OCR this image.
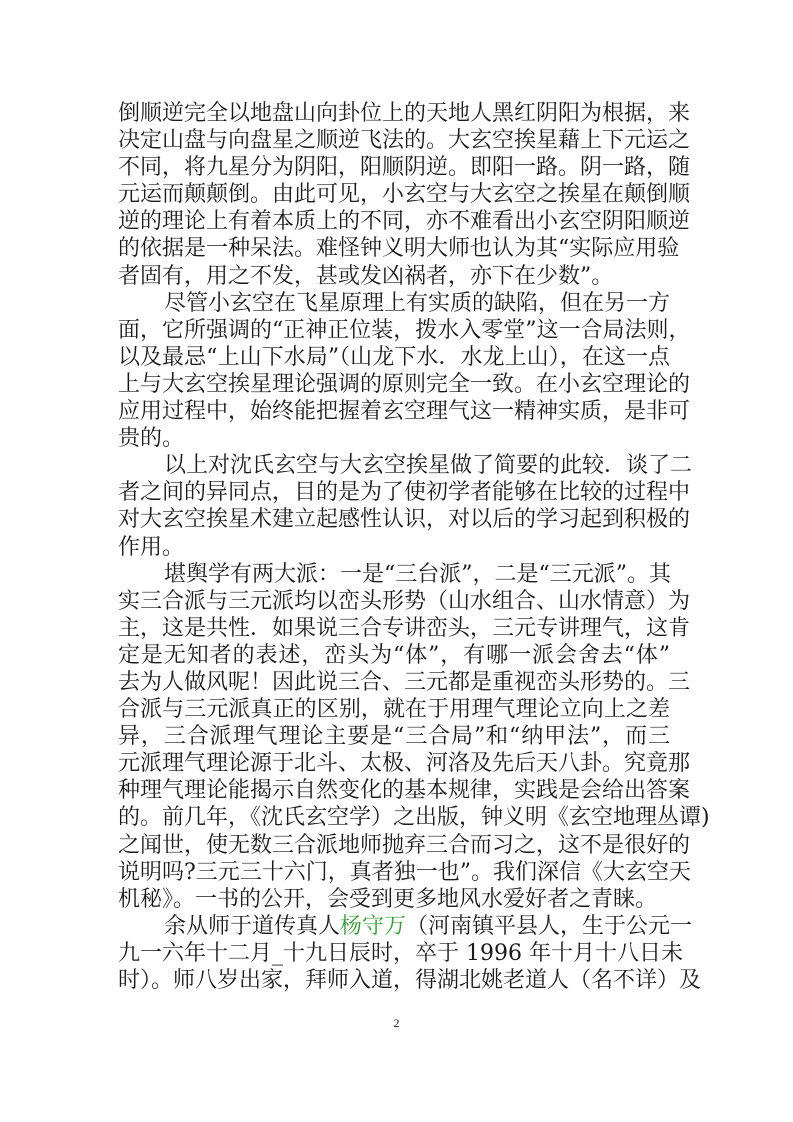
倒顺逆完全以地盘山向卦位上的天地人黑红阴阳为根据，来
决定山盘与向盘星之顺逆飞法的。大玄空挨星藉上下元运之
不同，将九星分为阴阳，阳顺阴逆。即阳一路。阴一路，随
元运而颠颠倒。由此可见，小玄空与大玄空之挨星在颠倒顺
逆的理论上有着本质上的不同，亦不难看出小玄空阴阳顺逆
的依据是一种呆法。难怪钟义明大师也认为其“实际应用验
者固有，用之不发，甚或发凶祸者，亦下在少数”。
尽管小玄空在飞星原理上有实质的缺陷，但在另一方
面，它所强调的“正神正位装，拨水入零堂”这一合局法则，
以及最忌“上山下水局”（山龙下水．水龙上山），在这一点
上与大玄空挨星理论强调的原则完全一致。在小玄空理论的
应用过程中，始终能把握着玄空理气这一精神实质，是非可
贵的。
以上对沈氏玄空与大玄空挨星做了简要的此较．谈了二
者之间的异同点，目的是为了使初学者能够在比较的过程中
对大玄空挨星术建立起感性认识，对以后的学习起到积极的
作用。
堪舆学有两大派：一是“三台派”，二是“三元派”。其
实三合派与三元派均以峦头形势（山水组合、山水情意）为
主，这是共性．如果说三合专讲峦头，三元专讲理气，这肯
定是无知者的表述，峦头为“体”，有哪一派会舍去“体”
去为人做风呢！因此说三合、三元都是重视峦头形势的。三
合派与三元派真正的区别，就在于用理气理论立向上之差
异，三合派理气理论主要是“三合局”和“纳甲法”，而三
元派理气理论源于北斗、太极、河洛及先后天八卦。究竟那
种理气理论能揭示自然变化的基本规律，实践是会给出答案
的。前几年，《沈氏玄空学）之出版，钟义明《玄空地理丛谭)
之闻世，使无数三合派地师抛弃三合而习之，这不是很好的
说明吗?三元三十六门，真者独一也”。我们深信《大玄空天
机秘》。一书的公开，会受到更多地风水爱好者之青睐。
余从师于道传真人杨守万（河南镇平县人，生于公元一
九一六年十二月_十九日辰时，卒于 1996 年十月十八日未
时）。师八岁出家，拜师入道，得湖北姚老道人（名不详）及
2
